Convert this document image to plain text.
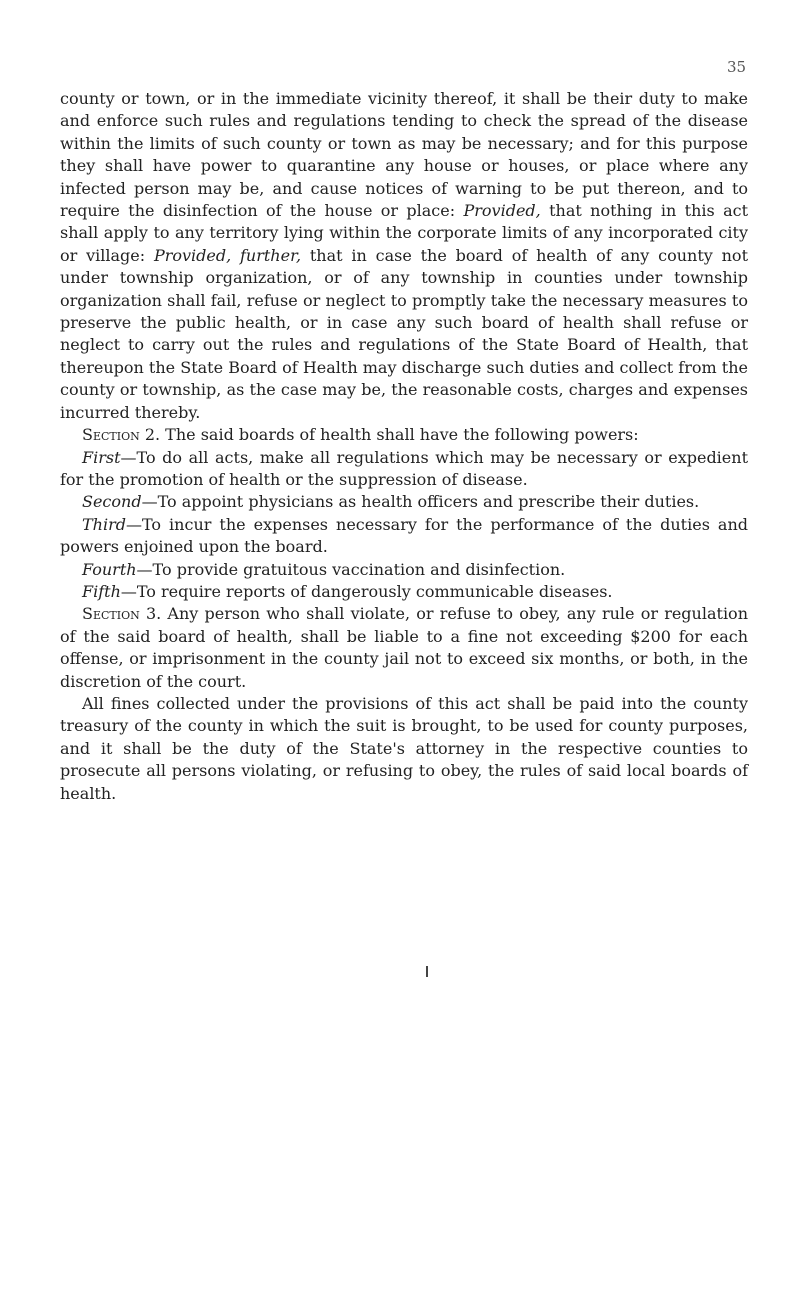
35

county or town, or in the immediate vicinity thereof, it shall be their duty to make and enforce such rules and regulations tending to check the spread of the disease within the limits of such county or town as may be necessary; and for this purpose they shall have power to quarantine any house or houses, or place where any infected person may be, and cause notices of warning to be put thereon, and to require the disinfection of the house or place: Provided, that nothing in this act shall apply to any territory lying within the corporate limits of any incorporated city or village: Provided, further, that in case the board of health of any county not under township organization, or of any township in counties under township organization shall fail, refuse or neglect to promptly take the necessary measures to preserve the public health, or in case any such board of health shall refuse or neglect to carry out the rules and regulations of the State Board of Health, that thereupon the State Board of Health may discharge such duties and collect from the county or township, as the case may be, the reasonable costs, charges and expenses incurred thereby.

Section 2. The said boards of health shall have the following powers:

First—To do all acts, make all regulations which may be necessary or expedient for the promotion of health or the suppression of disease.

Second—To appoint physicians as health officers and prescribe their duties.

Third—To incur the expenses necessary for the performance of the duties and powers enjoined upon the board.

Fourth—To provide gratuitous vaccination and disinfection.

Fifth—To require reports of dangerously communicable diseases.

Section 3. Any person who shall violate, or refuse to obey, any rule or regulation of the said board of health, shall be liable to a fine not exceeding $200 for each offense, or imprisonment in the county jail not to exceed six months, or both, in the discretion of the court.

All fines collected under the provisions of this act shall be paid into the county treasury of the county in which the suit is brought, to be used for county purposes, and it shall be the duty of the State's attorney in the respective counties to prosecute all persons violating, or refusing to obey, the rules of said local boards of health.
